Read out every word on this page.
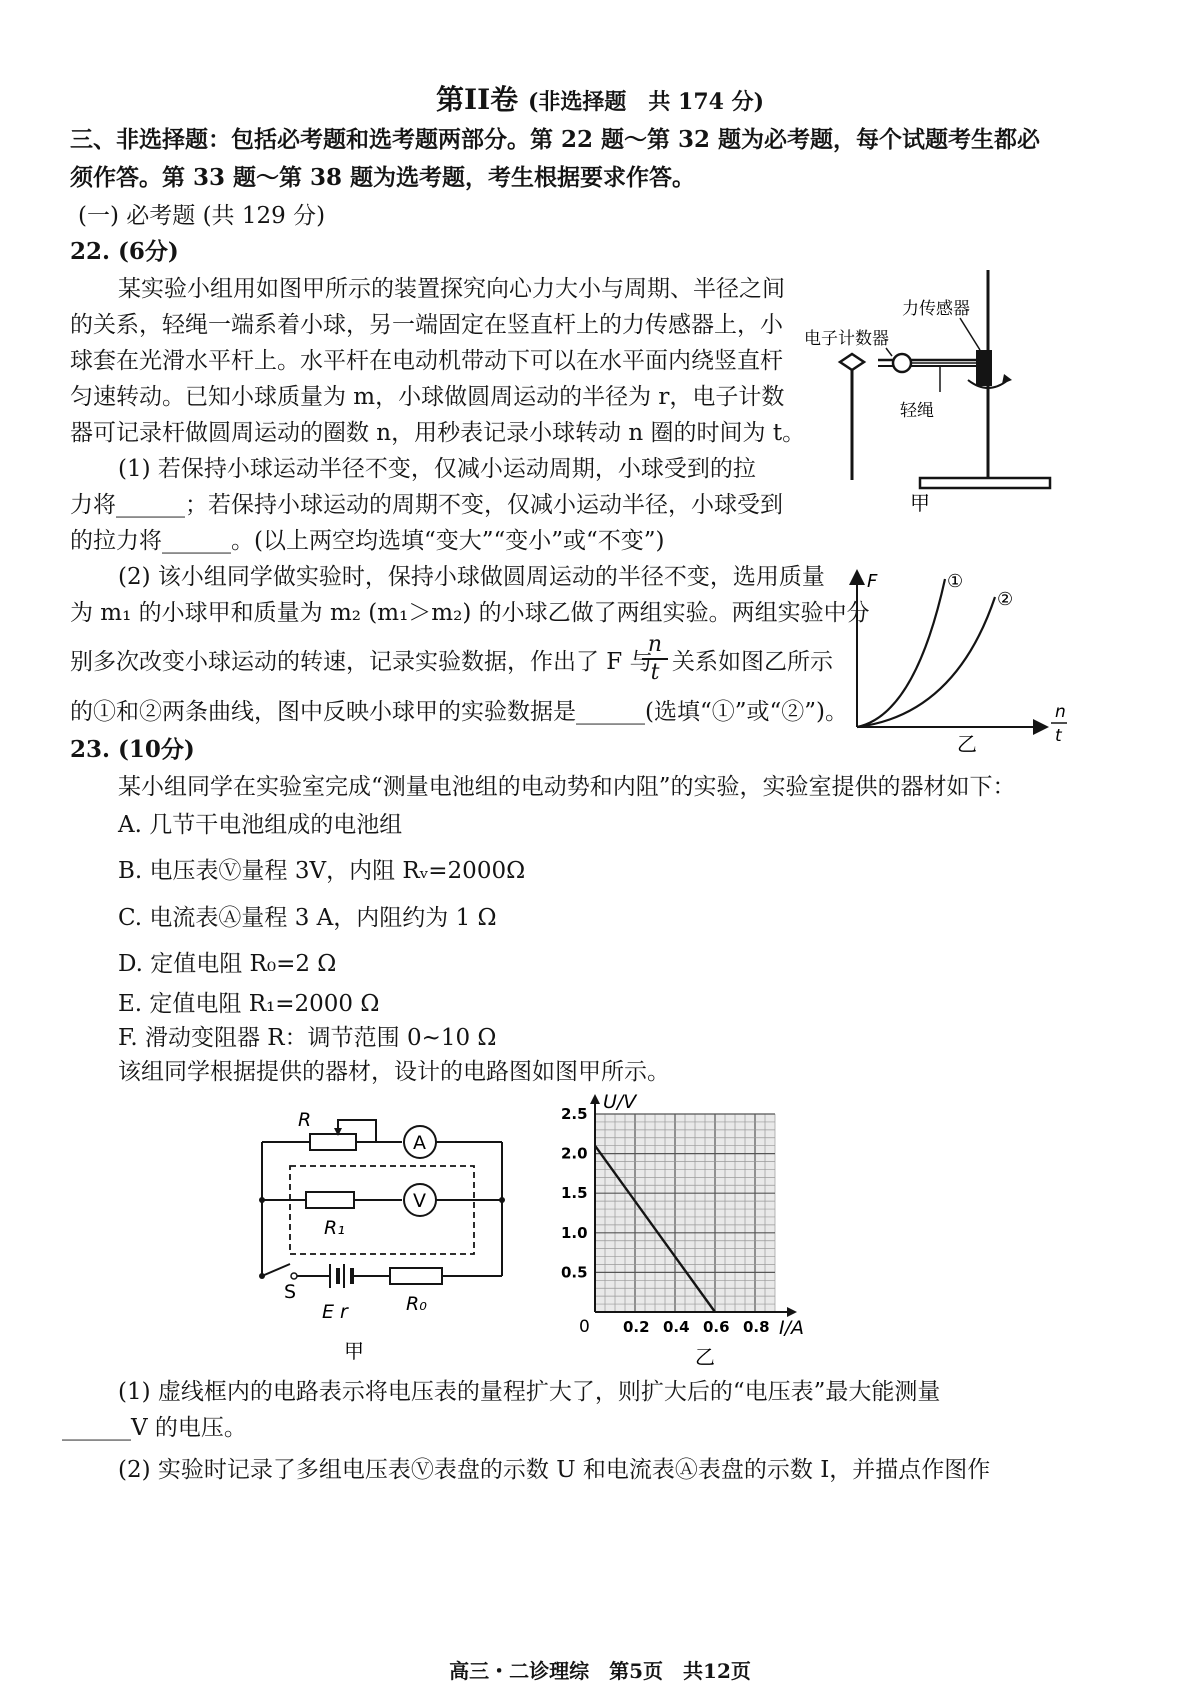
第II卷 (非选择题　共 174 分)
三、非选择题：包括必考题和选考题两部分。第 22 题～第 32 题为必考题，每个试题考生都必
须作答。第 33 题～第 38 题为选考题，考生根据要求作答。
(一) 必考题 (共 129 分)
22. (6分)
某实验小组用如图甲所示的装置探究向心力大小与周期、半径之间
的关系，轻绳一端系着小球，另一端固定在竖直杆上的力传感器上，小
球套在光滑水平杆上。水平杆在电动机带动下可以在水平面内绕竖直杆
匀速转动。已知小球质量为 m，小球做圆周运动的半径为 r，电子计数
器可记录杆做圆周运动的圈数 n，用秒表记录小球转动 n 圈的时间为 t。
(1) 若保持小球运动半径不变，仅减小运动周期，小球受到的拉
力将______；若保持小球运动的周期不变，仅减小运动半径，小球受到
的拉力将______。(以上两空均选填“变大”“变小”或“不变”)
(2) 该小组同学做实验时，保持小球做圆周运动的半径不变，选用质量
为 m₁ 的小球甲和质量为 m₂ (m₁＞m₂) 的小球乙做了两组实验。两组实验中分
别多次改变小球运动的转速，记录实验数据，作出了 F 与
$\frac{n}{t}$ 关系如图乙所示
的①和②两条曲线，图中反映小球甲的实验数据是______(选填“①”或“②”)。
力传感器
电子计数器
轻绳
甲
F	①
②
n
t
乙
23. (10分)
某小组同学在实验室完成“测量电池组的电动势和内阻”的实验，实验室提供的器材如下：
A. 几节干电池组成的电池组
B. 电压表Ⓥ量程 3V，内阻 Rᵥ=2000Ω
C. 电流表Ⓐ量程 3 A，内阻约为 1 Ω
D. 定值电阻 R₀=2 Ω
E. 定值电阻 R₁=2000 Ω
F. 滑动变阻器 R：调节范围 0~10 Ω
该组同学根据提供的器材，设计的电路图如图甲所示。
A
R
V
R₁
S
E r	R₀
甲
0.2 0.4 0.6 0.8
0.5
1.0
1.5
2.0
2.5
U/V
I/A
0
乙
(1) 虚线框内的电路表示将电压表的量程扩大了，则扩大后的“电压表”最大能测量
______V 的电压。
(2) 实验时记录了多组电压表Ⓥ表盘的示数 U 和电流表Ⓐ表盘的示数 I，并描点作图作
高三・二诊理综　第5页　共12页
